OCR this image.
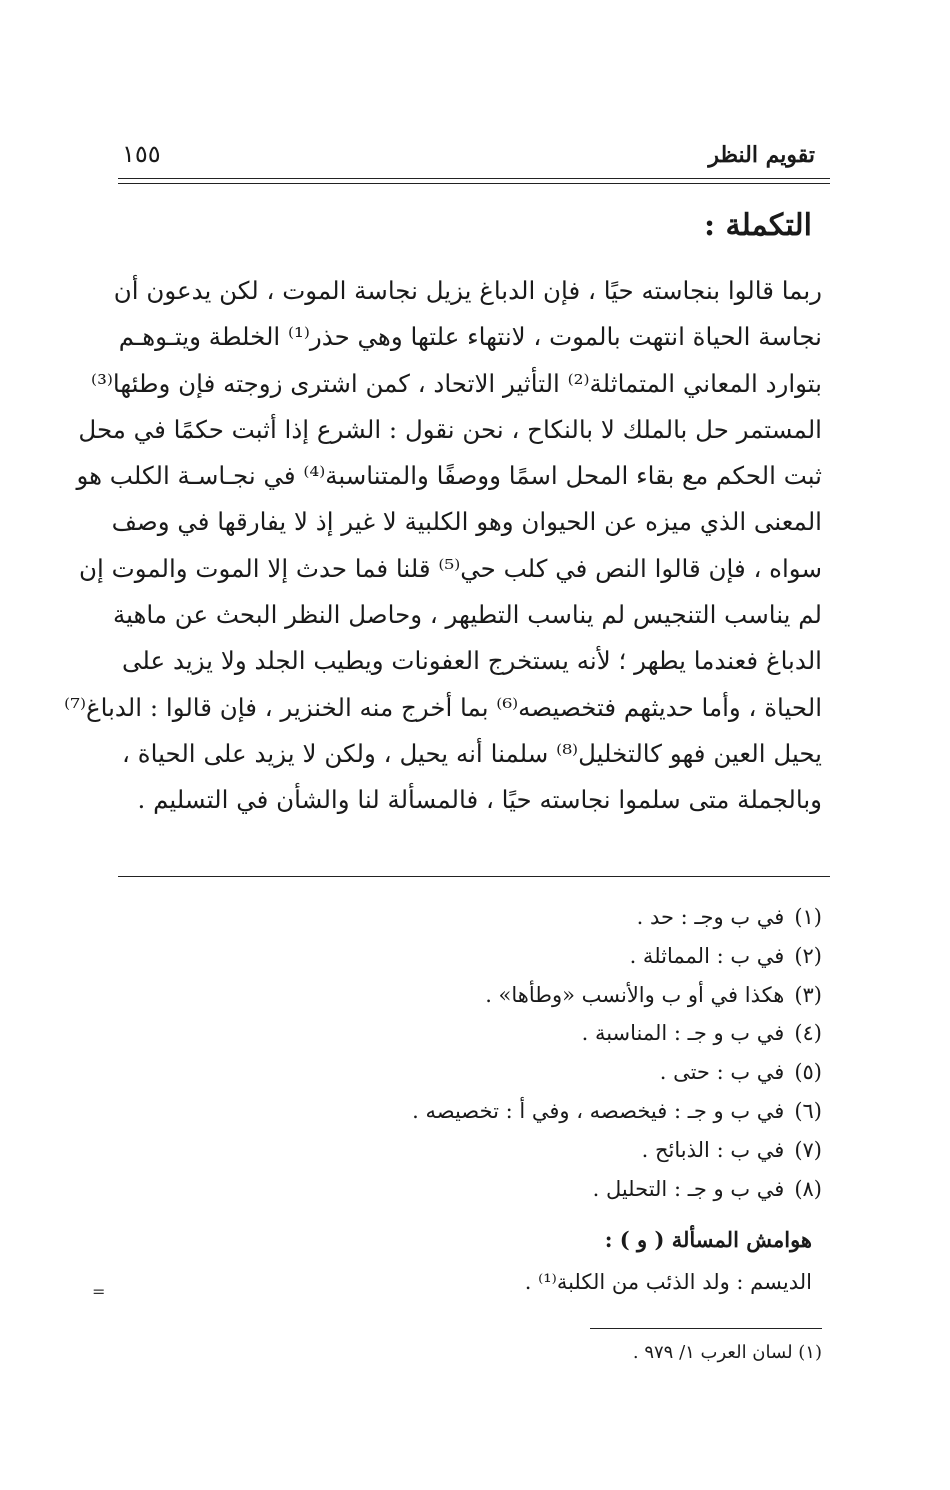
تقويم النظر
١٥٥
التكملة :
ربما قالوا بنجاسته حيًا ، فإن الدباغ يزيل نجاسة الموت ، لكن يدعون أن
نجاسة الحياة انتهت بالموت ، لانتهاء علتها وهي حذر⁽¹⁾ الخلطة ويتـوهـم
بتوارد المعاني المتماثلة⁽²⁾ التأثير الاتحاد ، كمن اشترى زوجته فإن وطئها⁽³⁾
المستمر حل بالملك لا بالنكاح ، نحن نقول : الشرع إذا أثبت حكمًا في محل
ثبت الحكم مع بقاء المحل اسمًا ووصفًا والمتناسبة⁽⁴⁾ في نجـاسـة الكلب هو
المعنى الذي ميزه عن الحيوان وهو الكلبية لا غير إذ لا يفارقها في وصف
سواه ، فإن قالوا النص في كلب حي⁽⁵⁾ قلنا فما حدث إلا الموت والموت إن
لم يناسب التنجيس لم يناسب التطيهر ، وحاصل النظر البحث عن ماهية
الدباغ فعندما يطهر ؛ لأنه يستخرج العفونات ويطيب الجلد ولا يزيد على
الحياة ، وأما حديثهم فتخصيصه⁽⁶⁾ بما أخرج منه الخنزير ، فإن قالوا : الدباغ⁽⁷⁾
يحيل العين فهو كالتخليل⁽⁸⁾ سلمنا أنه يحيل ، ولكن لا يزيد على الحياة ،
وبالجملة متى سلموا نجاسته حيًا ، فالمسألة لنا والشأن في التسليم .
(١)في ب وجـ : حد .
(٢)في ب : المماثلة .
(٣)هكذا في أو ب والأنسب «وطأها» .
(٤)في ب و جـ : المناسبة .
(٥)في ب : حتى .
(٦)في ب و جـ : فيخصصه ، وفي أ : تخصيصه .
(٧)في ب : الذبائح .
(٨)في ب و جـ : التحليل .
هوامش المسألة ( و ) :
الديسم : ولد الذئب من الكلبة⁽¹⁾ .
(١) لسان العرب ١/ ٩٧٩ .
=
